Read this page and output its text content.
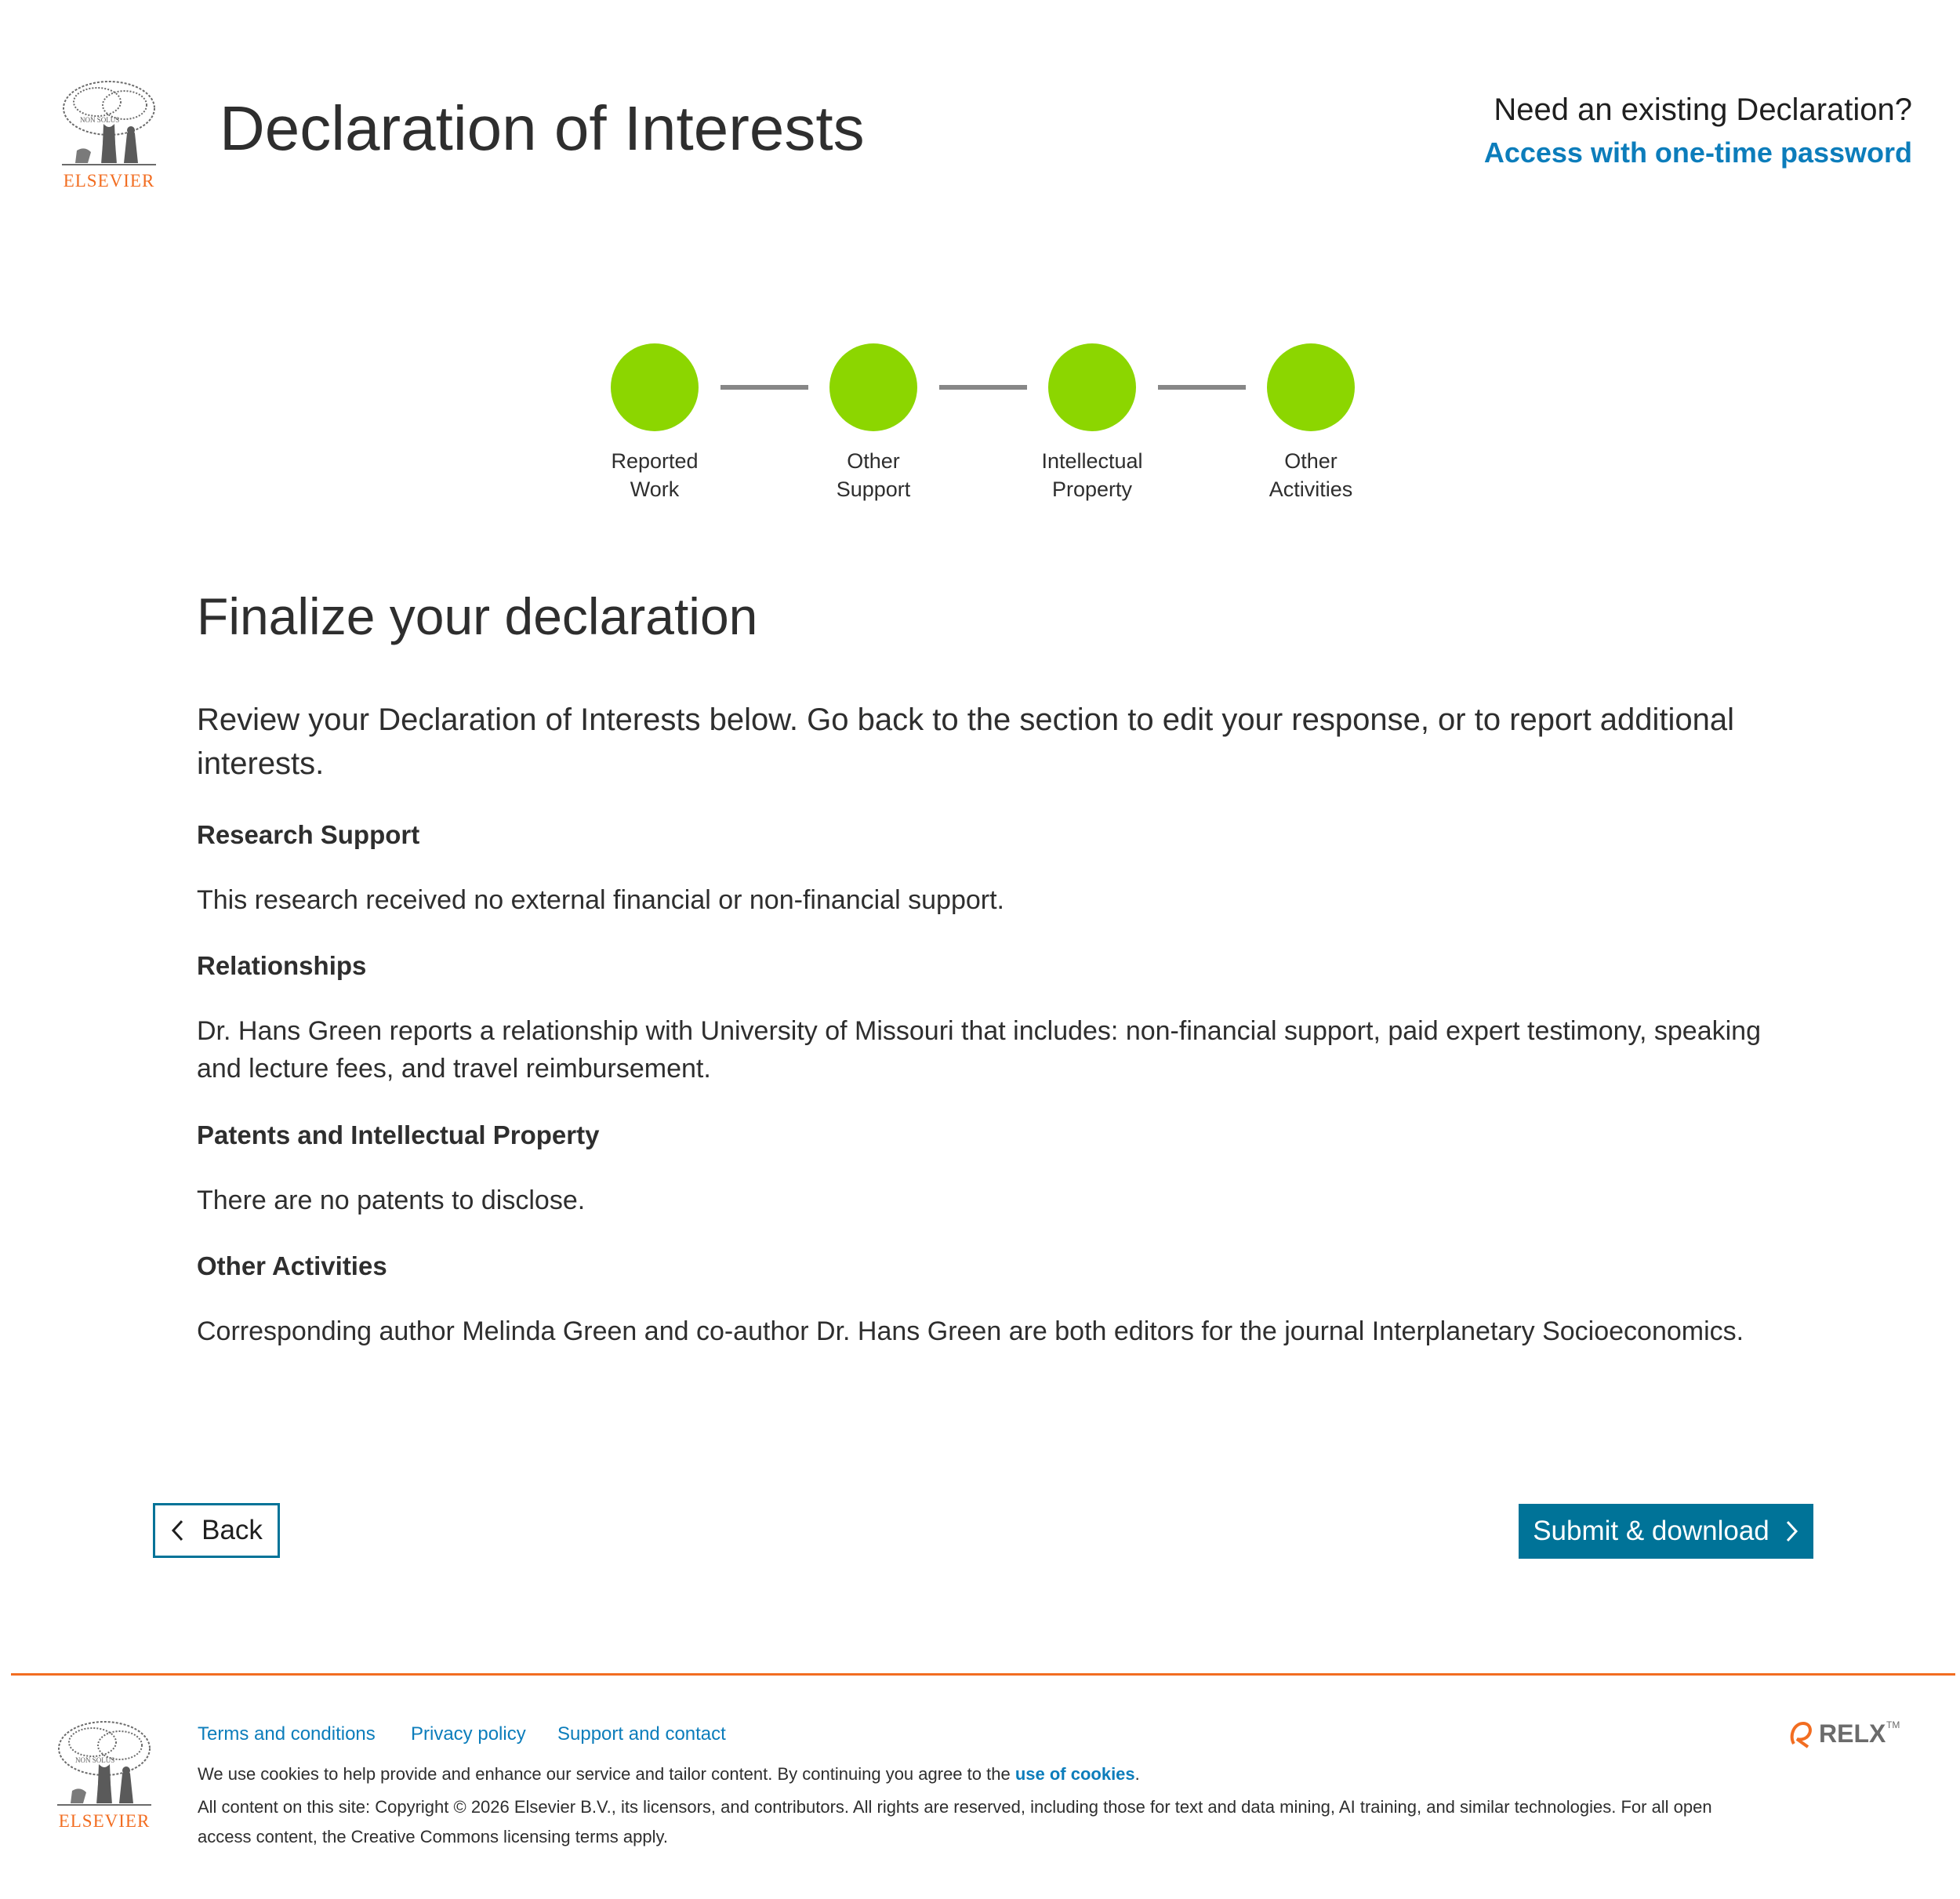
NON SOLUS
ELSEVIER
Declaration of Interests	Need an existing Declaration?
Access with one-time password
Reported
Work
Other
Support
Intellectual
Property
Other
Activities
Finalize your declaration

Review your Declaration of Interests below. Go back to the section to edit your response, or to report additional interests.

Research Support

This research received no external financial or non-financial support.

Relationships

Dr. Hans Green reports a relationship with University of Missouri that includes: non-financial support, paid expert testimony, speaking and lecture fees, and travel reimbursement.

Patents and Intellectual Property

There are no patents to disclose.

Other Activities

Corresponding author Melinda Green and co-author Dr. Hans Green are both editors for the journal Interplanetary Socioeconomics.

Back	Submit & download
NON SOLUS
ELSEVIER
Terms and conditions Privacy policy Support and contact
We use cookies to help provide and enhance our service and tailor content. By continuing you agree to the use of cookies.

All content on this site: Copyright © 2026 Elsevier B.V., its licensors, and contributors. All rights are reserved, including those for text and data mining, AI training, and similar technologies. For all open access content, the Creative Commons licensing terms apply.

RELX TM
